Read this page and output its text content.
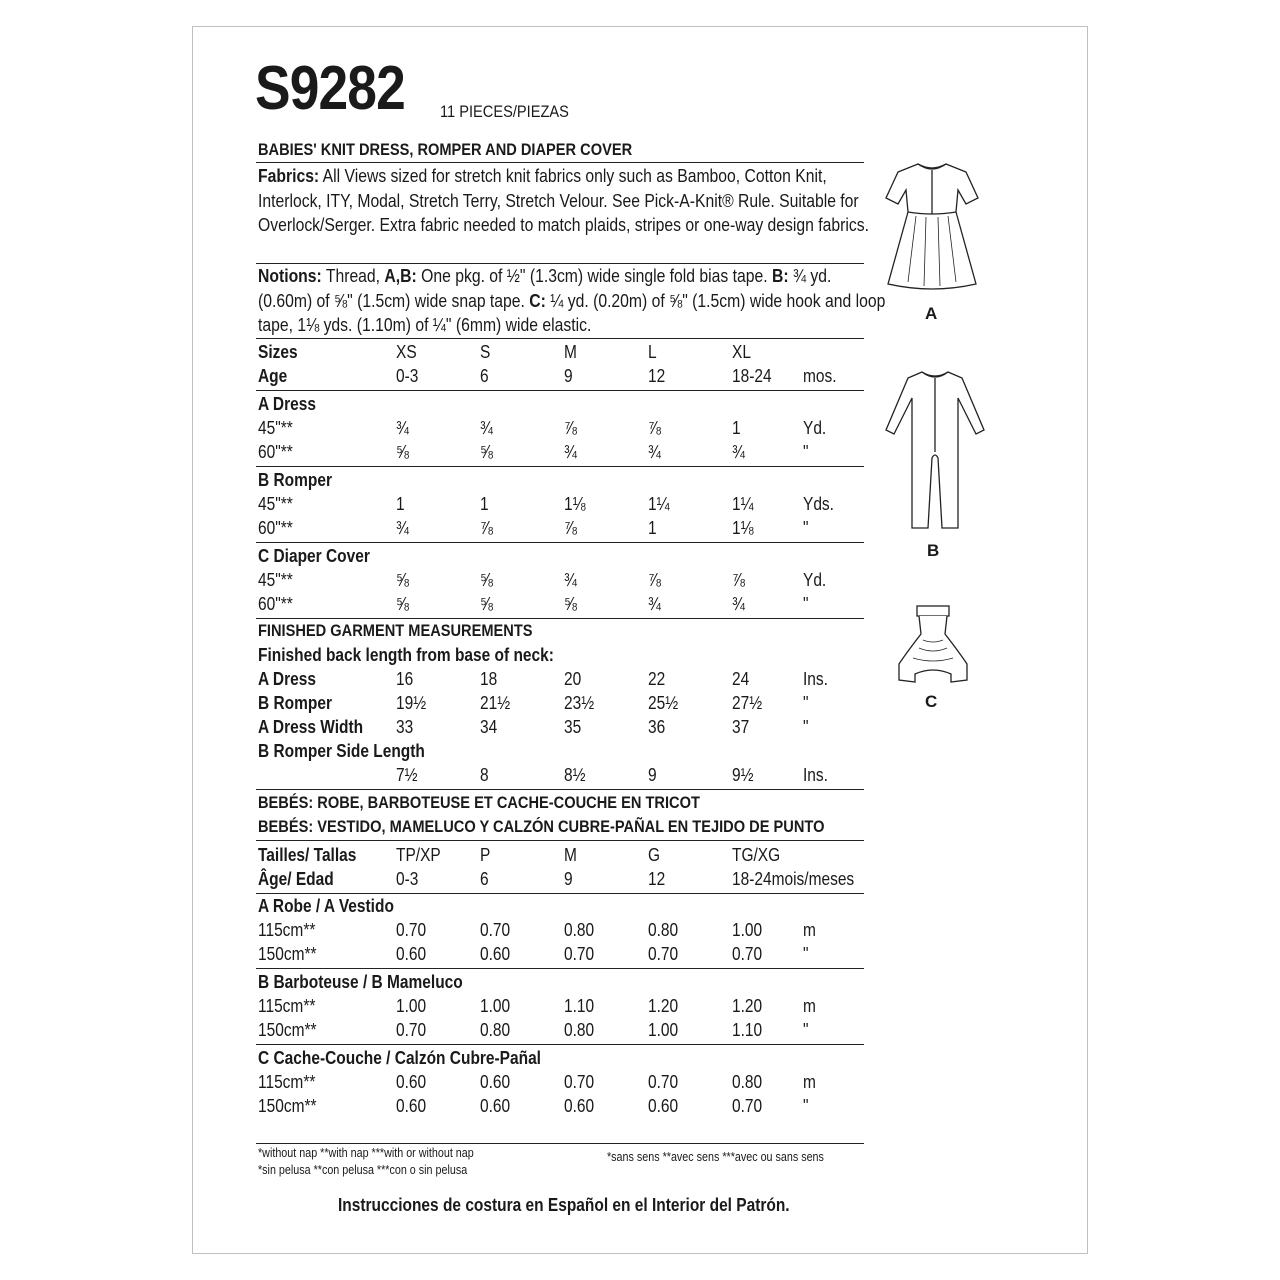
S9282	11 PIECES/PIEZAS
BABIES' KNIT DRESS, ROMPER AND DIAPER COVER
Fabrics: All Views sized for stretch knit fabrics only such as Bamboo, Cotton Knit, Interlock, ITY, Modal, Stretch Terry, Stretch Velour. See Pick-A-Knit® Rule. Suitable for Overlock/Serger. Extra fabric needed to match plaids, stripes or one-way design fabrics.
Notions: Thread, A,B: One pkg. of ½" (1.3cm) wide single fold bias tape. B: ¾ yd. (0.60m) of ⅝" (1.5cm) wide snap tape. C: ¼ yd. (0.20m) of ⅝" (1.5cm) wide hook and loop tape, 1⅛ yds. (1.10m) of ¼" (6mm) wide elastic.
Sizes	XS	S	M	L	XL
Age	0-3	6	9	12	18-24	mos.
A Dress
45"**	¾	¾	⅞	⅞	1	Yd.
60"**	⅝	⅝	¾	¾	¾	"
B Romper
45"**	1	1	1⅛	1¼	1¼	Yds.
60"**	¾	⅞	⅞	1	1⅛	"
C Diaper Cover
45"**	⅝	⅝	¾	⅞	⅞	Yd.
60"**	⅝	⅝	⅝	¾	¾	"
FINISHED GARMENT MEASUREMENTS
Finished back length from base of neck:
A Dress	16	18	20	22	24	Ins.
B Romper	19½	21½	23½	25½	27½ "
A Dress Width	33	34	35	36	37	"
B Romper Side Length
7½	8	8½	9	9½	Ins.
BEBÉS: ROBE, BARBOTEUSE ET CACHE-COUCHE EN TRICOT
BEBÉS: VESTIDO, MAMELUCO Y CALZÓN CUBRE-PAÑAL EN TEJIDO DE PUNTO
Tailles/ Tallas	TP/XP	P	M	G	TG/XG
Âge/ Edad	0-3	6	9	12	18-24mois/meses
A Robe / A Vestido
115cm**	0.70	0.70	0.80	0.80	1.00 m
150cm**	0.60	0.60	0.70	0.70	0.70 "
B Barboteuse / B Mameluco
115cm**	1.00	1.00	1.10	1.20	1.20 m
150cm**	0.70	0.80	0.80	1.00	1.10 "
C Cache-Couche / Calzón Cubre-Pañal
115cm**	0.60	0.60	0.70	0.70	0.80 m
150cm**	0.60	0.60	0.60	0.60	0.70 "
*without nap **with nap ***with or without nap
*sin pelusa **con pelusa ***con o sin pelusa
*sans sens **avec sens ***avec ou sans sens
Instrucciones de costura en Español en el Interior del Patrón.
A
B
C
